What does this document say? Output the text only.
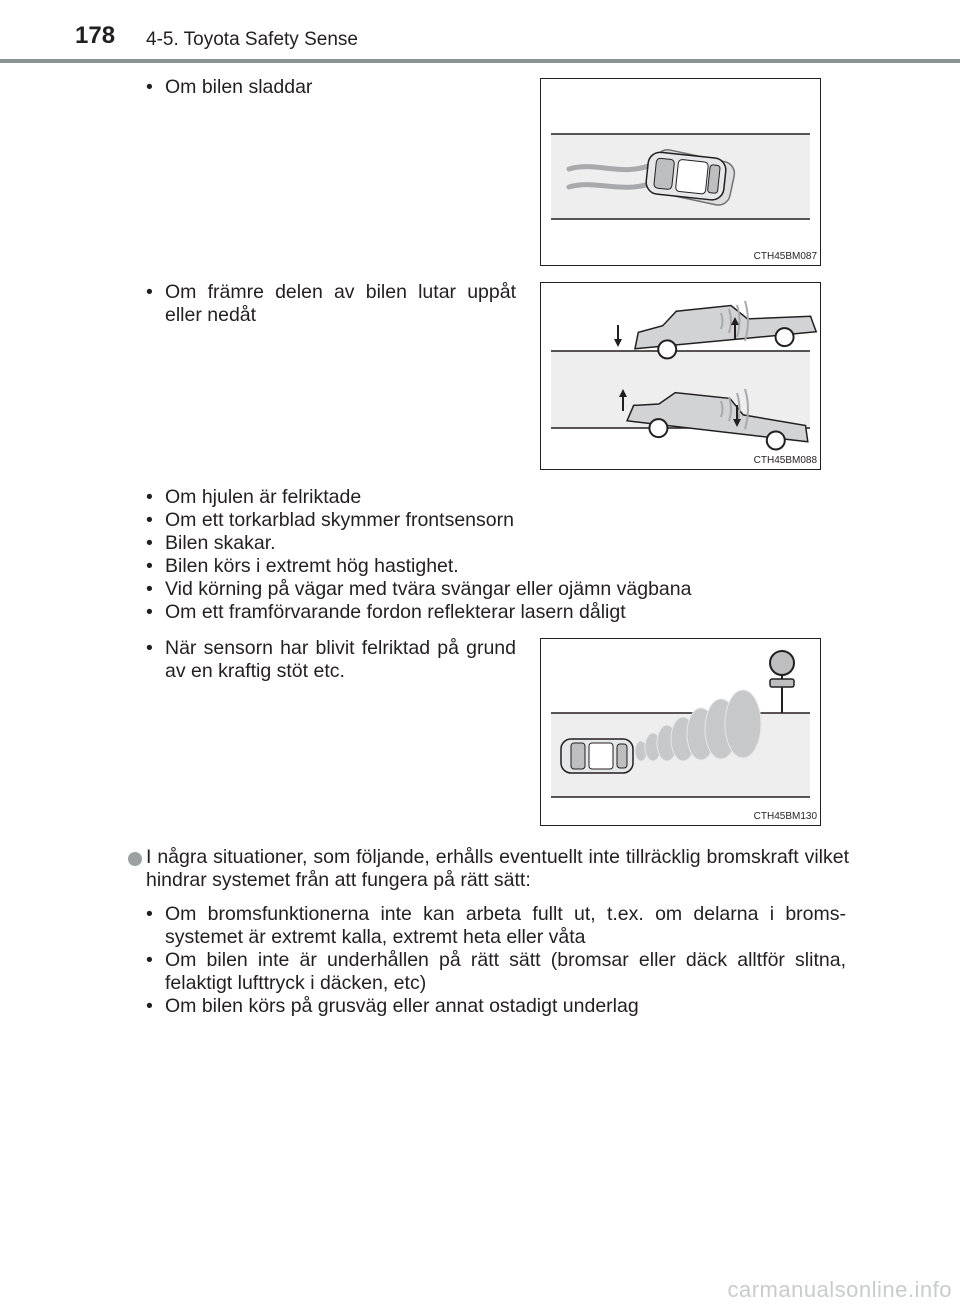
178 4-5. Toyota Safety Sense
• Om bilen sladdar
CTH45BM087
• Om främre delen av bilen lutar uppåt eller nedåt
CTH45BM088
• Om hjulen är felriktade
• Om ett torkarblad skymmer frontsensorn
• Bilen skakar.
• Bilen körs i extremt hög hastighet.
• Vid körning på vägar med tvära svängar eller ojämn vägbana
• Om ett framförvarande fordon reflekterar lasern dåligt
• När sensorn har blivit felriktad på grund av en kraftig stöt etc.
CTH45BM130
I några situationer, som följande, erhålls eventuellt inte tillräcklig bromskraft vilket hindrar systemet från att fungera på rätt sätt:
• Om bromsfunktionerna inte kan arbeta fullt ut, t.ex. om delarna i broms-systemet är extremt kalla, extremt heta eller våta
• Om bilen inte är underhållen på rätt sätt (bromsar eller däck alltför slitna, felaktigt lufttryck i däcken, etc)
• Om bilen körs på grusväg eller annat ostadigt underlag
carmanualsonline.info
